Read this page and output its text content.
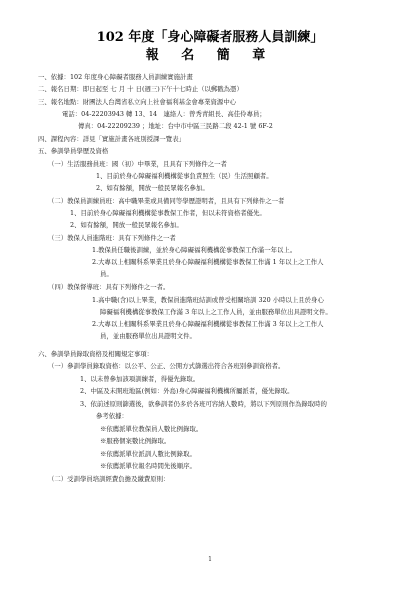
102 年度「身心障礙者服務人員訓練」
報 名 簡 章
一、依據：102 年度身心障礙者服務人員訓練實施計畫
二、報名日期：即日起至 七 月 十 日(週三)下午十七時止（以郵戳為憑）
三、報名地點：財團法人台灣省私立向上社會福利基金會專業資源中心
電話：04-22203943 轉 13、14　連絡人：曾秀青組長、高佳伶專員；
傳真：04-22209239 ；地址：台中市中區三民路二段 42-1 號 6F-2
四、課程內容：詳見「實施計畫各班別授課一覽表」
五、參訓學員學歷及資格
（一）生活服務員班：國（初）中畢業，且具有下列條件之一者
1、目前於身心障礙福利機構從事負責照生（民）生活照顧者。
2、如有餘額，開放一般民眾報名參加。
（二）教保員訓練員班：高中職畢業或具備同等學歷證明者，且具有下列條件之一者
1、目前於身心障礙福利機構從事教保工作者，但以未符資格者優先。
2、如有餘額，開放一般民眾報名參加。
（三）教保人員進階班：具有下列條件之一者
1.教保員任職後訓練，並於身心障礙福利機構從事教保工作滿一年以上。
2.大專以上相關科系畢業且於身心障礙福利機構從事教保工作滿 1 年以上之工作人
員。
（四）教保督導班：具有下列條件之一者。
1.高中職(含)以上畢業，教保員進階班結訓或曾受相關培訓 320 小時以上且於身心
障礙福利機構從事教保工作滿 3 年以上之工作人員，並由服務單位出具證明文件。
2.大專以上相關科系畢業且於身心障礙福利機構從事教保工作滿 3 年以上之工作人
員，並由服務單位出具證明文件。
六、參訓學員錄取資格及相關規定事項：
（一）參訓學員錄取資格：以公平、公正、公開方式篩選出符合各班別參訓資格者。
1、以未曾參加該項訓練者，得優先錄取。
2、中區及未開班地區(例如：外島)身心障礙福利機構所屬派者，優先錄取。
3、依前述原則篩選後，欲參訓者仍多於各班可容納人數時，將以下列原則作為錄取時的
參考依據：
※依薦派單位教保員人數比例錄取。
※服務個案數比例錄取。
※依薦派單位派訓人數比例錄取。
※依薦派單位報名時間先後順序。
（二）受訓學員培訓經費負擔及繳費原則：
1
